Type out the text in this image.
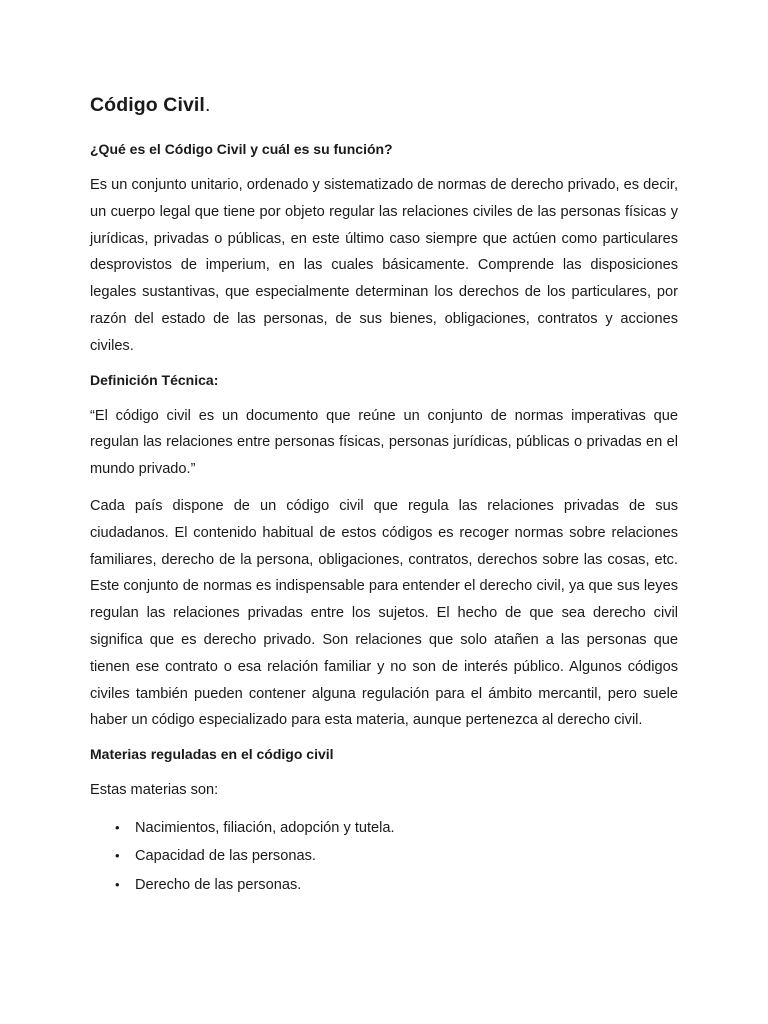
Código Civil.
¿Qué es el Código Civil y cuál es su función?

Es un conjunto unitario, ordenado y sistematizado de normas de derecho privado, es decir, un cuerpo legal que tiene por objeto regular las relaciones civiles de las personas físicas y jurídicas, privadas o públicas, en este último caso siempre que actúen como particulares desprovistos de imperium, en las cuales básicamente. Comprende las disposiciones legales sustantivas, que especialmente determinan los derechos de los particulares, por razón del estado de las personas, de sus bienes, obligaciones, contratos y acciones civiles.

Definición Técnica:

“El código civil es un documento que reúne un conjunto de normas imperativas que regulan las relaciones entre personas físicas, personas jurídicas, públicas o privadas en el mundo privado.”

Cada país dispone de un código civil que regula las relaciones privadas de sus ciudadanos. El contenido habitual de estos códigos es recoger normas sobre relaciones familiares, derecho de la persona, obligaciones, contratos, derechos sobre las cosas, etc. Este conjunto de normas es indispensable para entender el derecho civil, ya que sus leyes regulan las relaciones privadas entre los sujetos. El hecho de que sea derecho civil significa que es derecho privado. Son relaciones que solo atañen a las personas que tienen ese contrato o esa relación familiar y no son de interés público. Algunos códigos civiles también pueden contener alguna regulación para el ámbito mercantil, pero suele haber un código especializado para esta materia, aunque pertenezca al derecho civil.

Materias reguladas en el código civil

Estas materias son:

• Nacimientos, filiación, adopción y tutela.
• Capacidad de las personas.
• Derecho de las personas.
